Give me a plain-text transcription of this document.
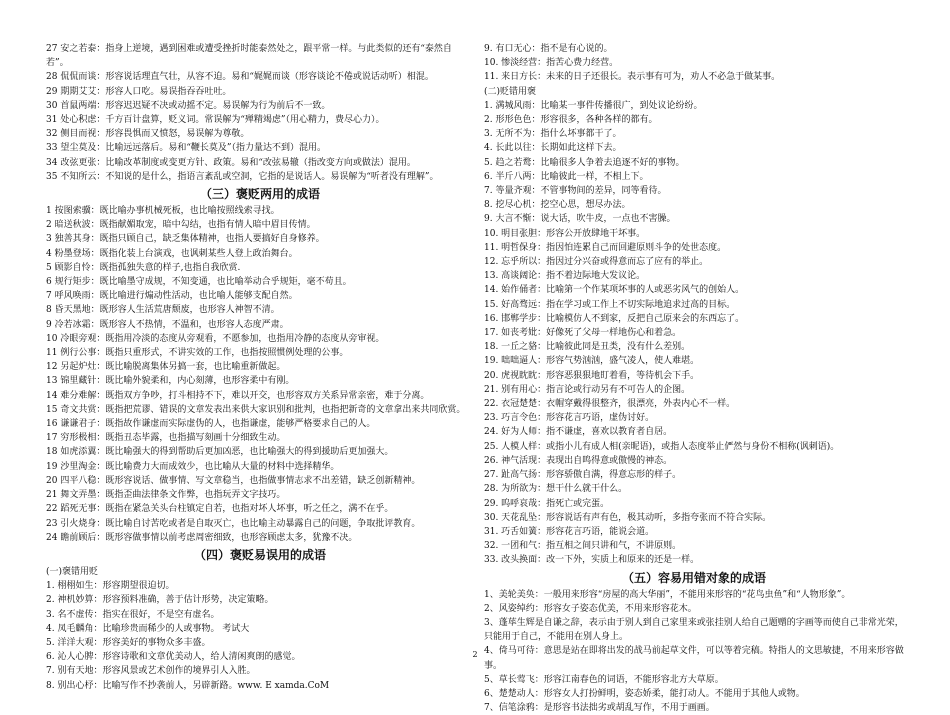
27 安之若泰：指身上逆境，遇到困难或遭受挫折时能泰然处之，跟平常一样。与此类似的还有“泰然自若”。
28 侃侃而谈：形容说话理直气壮，从容不迫。易和“娓娓而谈（形容谈论不倦或说话动听）相混。
29 期期艾艾：形容人口吃。易误指吞吞吐吐。
30 首鼠两端：形容迟迟疑不决或动摇不定。易误解为行为前后不一致。
31 处心积虑：千方百计盘算，贬义词。常误解为“殚精竭虑”（用心精力，费尽心力）。
32 侧目而视：形容畏惧而又愤怒，易误解为尊敬。
33 望尘莫及：比喻远远落后。易和“鞭长莫及”（指力量达不到）混用。
34 改弦更张：比喻改革制度或变更方针、政策。易和“改弦易辙（指改变方向或做法）混用。
35 不知所云：不知说的是什么，指语言紊乱或空洞，它指的是说话人。易误解为“听者没有理解”。
（三）褒贬两用的成语
1 按图索骥：既比喻办事机械死板，也比喻按照线索寻找。
2 暗送秋波：既指献媚取宠，暗中勾结，也指有情人暗中眉目传情。
3 独善其身：既指只顾自己，缺乏集体精神，也指人要搞好自身修养。
4 粉墨登场：既指化装上台演戏，也讽刺某些人登上政治舞台。
5 顾影自怜：既指孤独失意的样子,也指自我欣赏.
6 规行矩步：既比喻墨守成规，不知变通，也比喻举动合乎规矩，毫不苟且。
7 呼风唤雨：既比喻进行煽动性活动，也比喻人能够支配自然。
8 昏天黑地：既形容人生活荒唐颓废，也形容人神智不清。
9 冷若冰霜：既形容人不热情，不温和，也形容人态度严肃。
10 冷眼旁观：既指用冷淡的态度从旁观看，不愿参加，也指用冷静的态度从旁审视。
11 例行公事：既指只重形式，不讲实效的工作，也指按照惯例处理的公事。
12 另起炉灶：既比喻脱离集体另搞一套，也比喻重新做起。
13 锦里藏针：既比喻外貌柔和，内心刻薄，也形容柔中有刚。
14 难分难解：既指双方争吵，打斗相持不下，难以开交，也形容双方关系异常亲密，难于分离。
15 奇文共赏：既指把荒谬、错误的文章发表出来供大家识别和批判，也指把新奇的文章拿出来共同欣赏。
16 谦谦君子：既指故作谦虚而实际虚伪的人，也指谦虚，能够严格要求自己的人。
17 穷形极相：既指丑态毕露，也指描写刻画十分细致生动。
18 如虎添翼：既比喻强大的得到帮助后更加凶恶，也比喻强大的得到援助后更加强大。
19 沙里淘金：既比喻费力大而成效少，也比喻从大量的材料中选择精华。
20 四平八稳：既形容说话、做事情、写文章稳当，也指做事情志求不出差错，缺乏创新精神。
21 舞文弄墨：既指歪曲法律条文作弊，也指玩弄文字技巧。
22 蹈死无事：既指在紧急关头台柱镇定自若，也指对坏人坏事，听之任之，满不在乎。
23 引火烧身：既比喻自讨苦吃或者是自取灭亡，也比喻主动暴露自己的问题，争取批评教育。
24 瞻前顾后：既形容做事情以前考虑周密细致，也形容顾虑太多，犹豫不决。
（四）褒贬易误用的成语
(一)褒错用贬
1. 栩栩如生：形容期望很迫切。
2. 神机妙算：形容预料准确，善于估计形势，决定策略。
3. 名不虚传：指实在很好，不是空有虚名。
4. 凤毛麟角：比喻珍贵而稀少的人或事物。 考试大
5. 洋洋大观：形容美好的事物众多丰盛。
6. 沁人心脾：形容诗歌和文章优美动人，给人清闲爽朗的感觉。
7. 别有天地：形容风景或艺术创作的境界引人入胜。
8. 别出心杼：比喻写作不抄袭前人，另辟新路。www. E xamda.CoM
9. 有口无心：指不是有心说的。
10. 惨淡经营：指苦心费力经营。
11. 来日方长：未来的日子还很长。表示事有可为，劝人不必急于做某事。
(二)贬错用褒
1. 满城风雨：比喻某一事件传播很广，到处议论纷纷。
2. 形形色色：形容很多，各种各样的都有。
3. 无所不为：指什么坏事都干了。
4. 长此以往：长期如此这样下去。
5. 趋之若鹜：比喻很多人争着去追逐不好的事物。
6. 半斤八两：比喻彼此一样，不相上下。
7. 等量齐观：不管事物间的差异，同等看待。
8. 挖尽心机：挖空心思，想尽办法。
9. 大言不惭：说大话，吹牛皮，一点也不害臊。
10. 明目张胆：形容公开放肆地干坏事。
11. 明哲保身：指因怕连累自己而回避原则斗争的处世态度。
12. 忘乎所以：指因过分兴奋或得意而忘了应有的举止。
13. 高谈阔论：指不着边际地大发议论。
14. 始作俑者：比喻第一个作某项坏事的人或恶劣风气的创始人。
15. 好高骛远：指在学习或工作上不切实际地追求过高的目标。
16. 邯郸学步：比喻模仿人不到家，反把自己原来会的东西忘了。
17. 如丧考妣：好像死了父母一样地伤心和着急。
18. 一丘之貉：比喻彼此同是丑类，没有什么差别。
19. 咄咄逼人：形容气势汹汹，盛气凌人，使人难堪。
20. 虎视眈眈：形容恶狠狠地盯着看，等待机会下手。
21. 别有用心：指言论或行动另有不可告人的企图。
22. 衣冠楚楚：衣帽穿戴得很整齐，很漂亮，外表内心不一样。
23. 巧言令色：形容花言巧语，虚伪讨好。
24. 好为人师：指不谦虚，喜欢以教育者自居。
25. 人模人样：或指小儿有成人相(亲昵语)，或指人态度举止俨然与身份不相称(讽刺语)。
26. 神气活现：表现出自鸣得意或傲慢的神态。
27. 趾高气扬：形容骄傲自满，得意忘形的样子。
28. 为所欲为：想干什么就干什么。
29. 呜呼哀哉：指死亡或完蛋。
30. 天花乱坠：形容说话有声有色，极其动听，多指夸张而不符合实际。
31. 巧舌如簧：形容花言巧语，能说会道。
32. 一团和气：指互相之间只讲和气，不讲原则。
33. 改头换面：改一下外，实质上和原来的还是一样。
（五）容易用错对象的成语
1、美轮美奂：一般用来形容“房屋的高大华丽”，不能用来形容的“花鸟虫鱼”和“人物形象”。
2、风姿绰约：形容女子姿态优美，不用来形容花木。
3、蓬荜生辉是自谦之辞，表示由于别人到自己家里来或张挂别人给自己题赠的字画等而使自己非常光荣，只能用于自己，不能用在别人身上。
4、倚马可待：意思是站在即将出发的战马前起草文件，可以等着完稿。特指人的文思敏捷，不用来形容做事。
5、草长莺飞：形容江南春色的词语，不能形容北方大草原。
6、楚楚动人：形容女人打扮鲜明，姿态娇柔，能打动人。不能用于其他人或物。
7、信笔涂鸦：是形容书法拙劣或胡乱写作，不用于画画。
2
